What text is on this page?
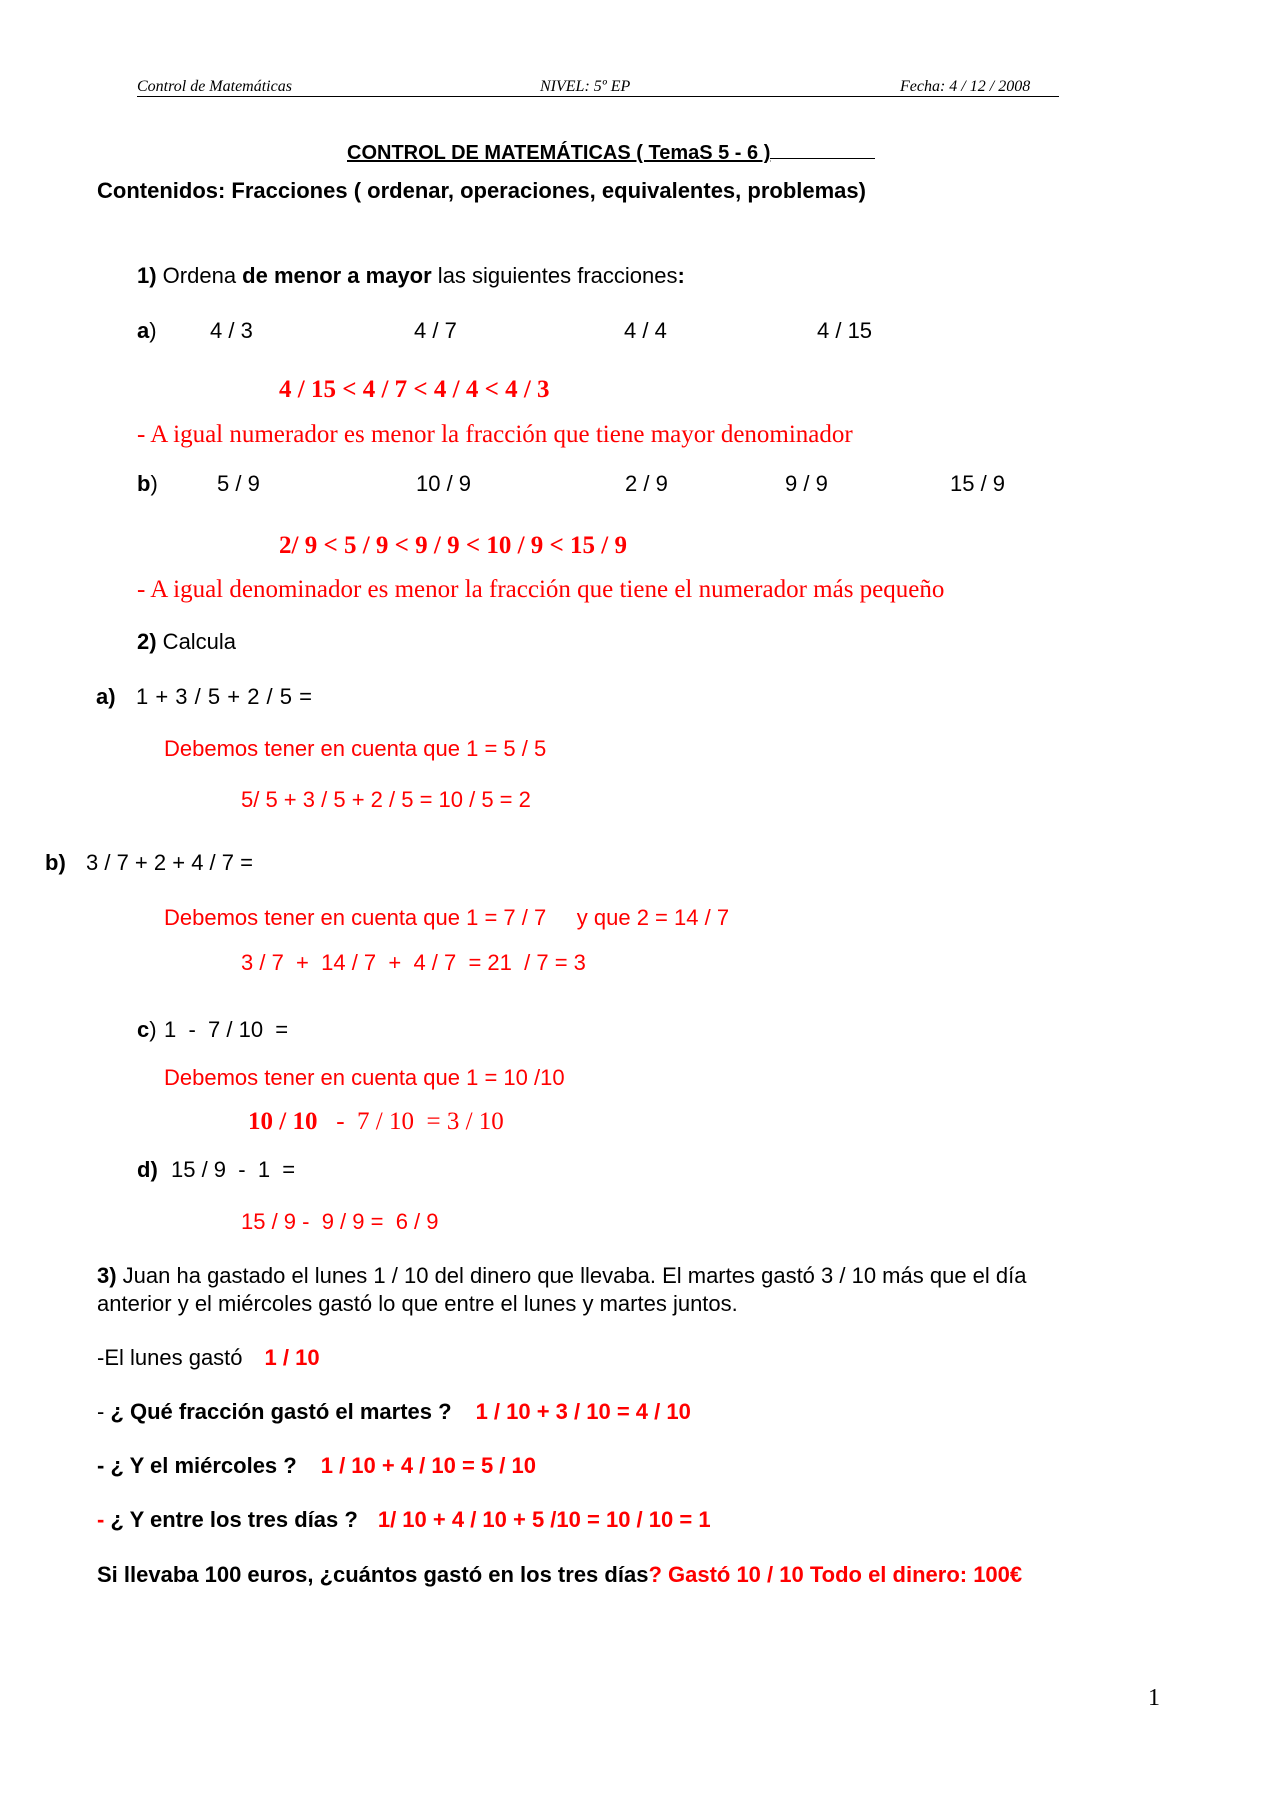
Control de Matemáticas	NIVEL: 5º EP	Fecha: 4 / 12 / 2008
CONTROL DE MATEMÁTICAS ( TemaS 5 - 6 )
Contenidos: Fracciones ( ordenar, operaciones, equivalentes, problemas)
1) Ordena de menor a mayor las siguientes fracciones:
a) 4 / 3	4 / 7	4 / 4	4 / 15
4 / 15 < 4 / 7 < 4 / 4 < 4 / 3
- A igual numerador es menor la fracción que tiene mayor denominador
b)	5 / 9	10 / 9	2 / 9	9 / 9	15 / 9
2/ 9 < 5 / 9 < 9 / 9 < 10 / 9 < 15 / 9
- A igual denominador es menor la fracción que tiene el numerador más pequeño
2) Calcula
a) 1 + 3 / 5 + 2 / 5 =
Debemos tener en cuenta que 1 = 5 / 5
5/ 5 + 3 / 5 + 2 / 5 = 10 / 5 = 2
b) 3 / 7 + 2 + 4 / 7 =
Debemos tener en cuenta que 1 = 7 / 7     y que 2 = 14 / 7
3 / 7  +  14 / 7  +  4 / 7  = 21  / 7 = 3
c) 1  -  7 / 10  =
Debemos tener en cuenta que 1 = 10 /10
10 / 10   -  7 / 10  = 3 / 10
d) 15 / 9  -  1  =
15 / 9 -  9 / 9 =  6 / 9
3) Juan ha gastado el lunes 1 / 10 del dinero que llevaba. El martes gastó 3 / 10 más que el día
anterior y el miércoles gastó lo que entre el lunes y martes juntos.
-El lunes gastó 1 / 10
- ¿ Qué fracción gastó el martes ? 1 / 10 + 3 / 10 = 4 / 10
- ¿ Y el miércoles ? 1 / 10 + 4 / 10 = 5 / 10
- ¿ Y entre los tres días ? 1/ 10 + 4 / 10 + 5 /10 = 10 / 10 = 1
Si llevaba 100 euros, ¿cuántos gastó en los tres días? Gastó 10 / 10 Todo el dinero: 100€
1
